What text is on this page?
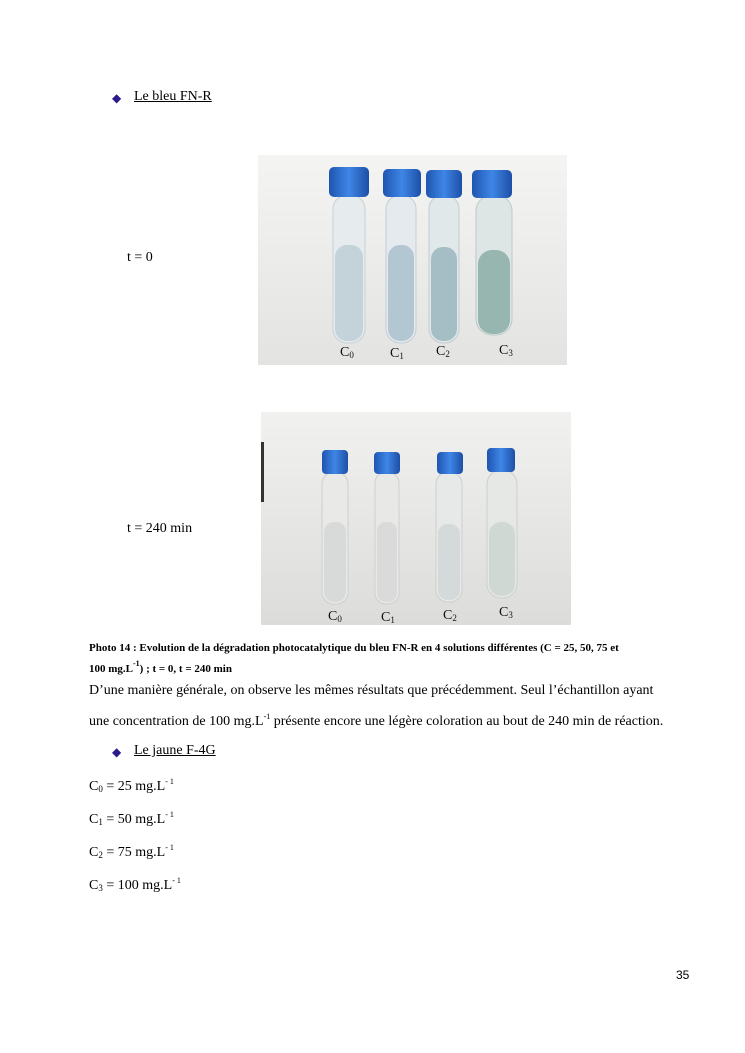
◆ Le bleu FN-R
t = 0
$C_0$	$C_1$ $C_2$	$C_3$
t = 240 min
$C_0$	$C_1$	$C_2$	$C_3$
Photo 14 : Evolution de la dégradation photocatalytique du bleu FN-R en 4 solutions différentes (C = 25, 50, 75 et
100 $mg.L^{-1}$) ; t = 0, t = 240 min
D’une manière générale, on observe les mêmes résultats que précédemment. Seul l’échantillon ayant
une concentration de 100 $mg.L^{-1}$ présente encore une légère coloration au bout de 240 min de réaction.
◆ Le jaune F-4G
$C_0 = 25$ $mg.L^{- 1}$
$C_1 = 50$ $mg.L^{- 1}$
$C_2 = 75$ $mg.L^{- 1}$
$C_3 = 100$ $mg.L^{- 1}$
35
